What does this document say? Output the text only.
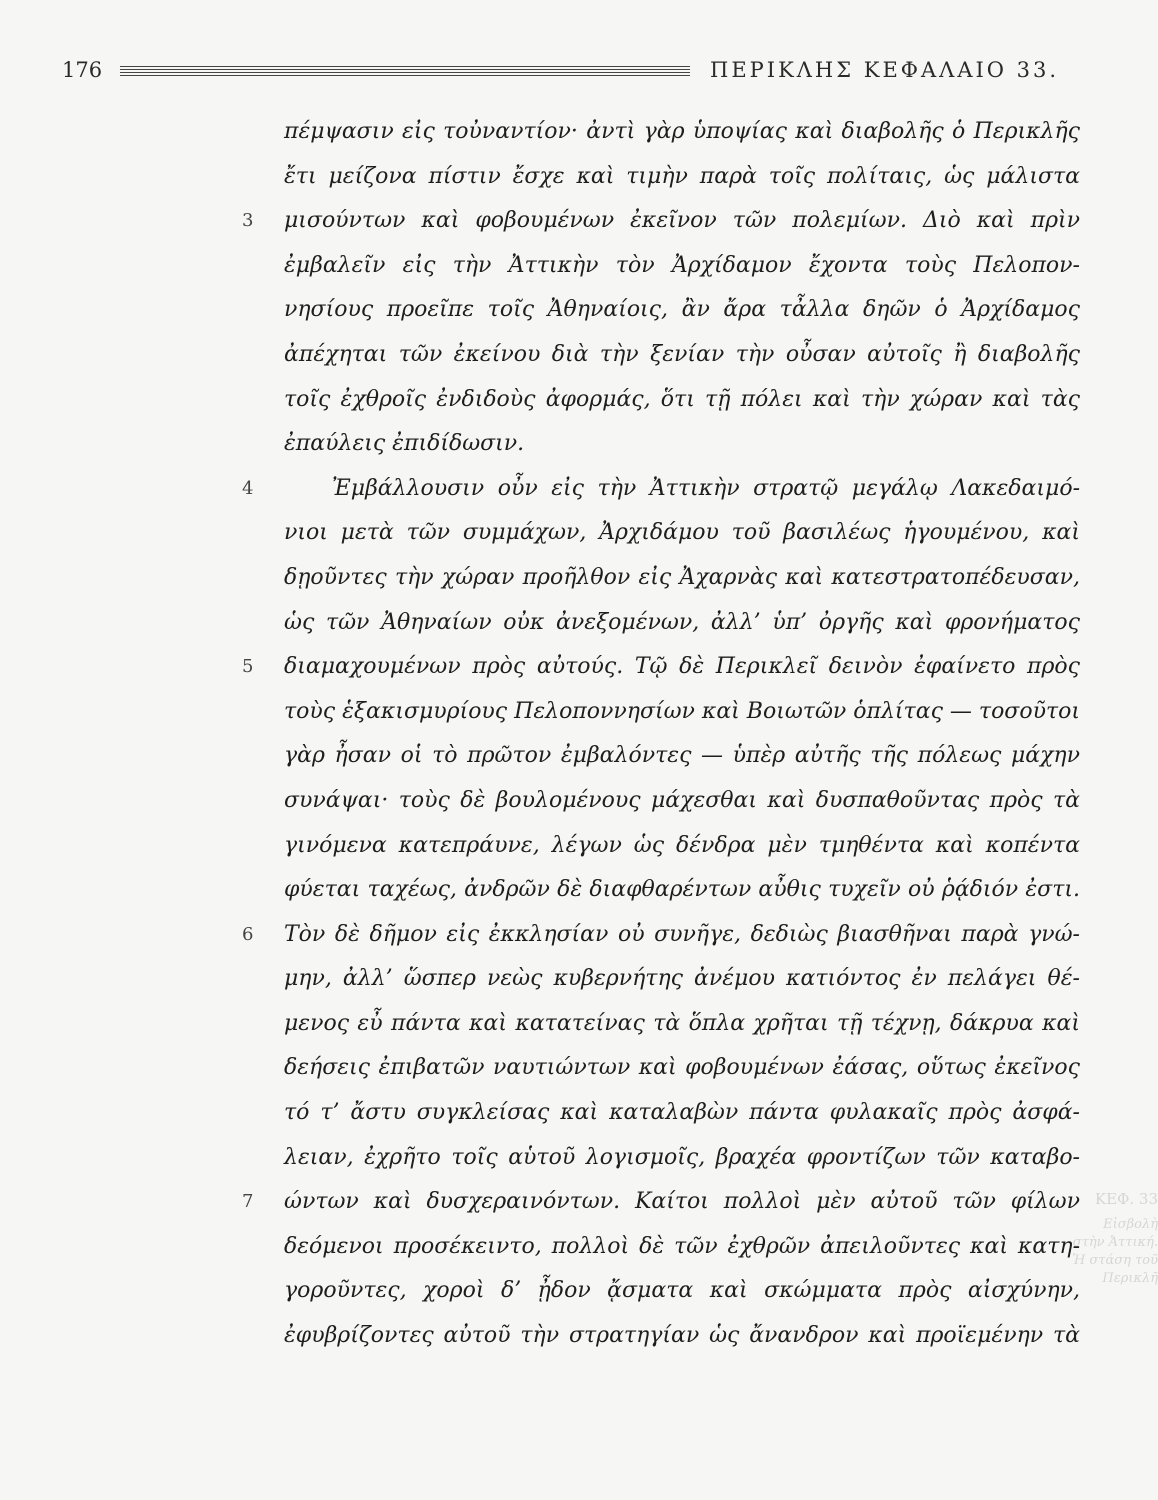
176	ΠΕΡΙΚΛΗΣ ΚΕΦΑΛΑΙΟ 33.
πέμψασιν εἰς τοὐναντίον· ἀντὶ γὰρ ὑποψίας καὶ διαβολῆς ὁ Περικλῆς
ἔτι μείζονα πίστιν ἔσχε καὶ τιμὴν παρὰ τοῖς πολίταις, ὡς μάλιστα
3	μισούντων καὶ φοβουμένων ἐκεῖνον τῶν πολεμίων. Διὸ καὶ πρὶν
ἐμβαλεῖν εἰς τὴν Ἀττικὴν τὸν Ἀρχίδαμον ἔχοντα τοὺς Πελοπον-
νησίους προεῖπε τοῖς Ἀθηναίοις, ἂν ἄρα τἆλλα δηῶν ὁ Ἀρχίδαμος
ἀπέχηται τῶν ἐκείνου διὰ τὴν ξενίαν τὴν οὖσαν αὐτοῖς ἢ διαβολῆς
τοῖς ἐχθροῖς ἐνδιδοὺς ἀφορμάς, ὅτι τῇ πόλει καὶ τὴν χώραν καὶ τὰς
ἐπαύλεις ἐπιδίδωσιν.
4	Ἐμβάλλουσιν οὖν εἰς τὴν Ἀττικὴν στρατῷ μεγάλῳ Λακεδαιμό-
νιοι μετὰ τῶν συμμάχων, Ἀρχιδάμου τοῦ βασιλέως ἡγουμένου, καὶ
δῃοῦντες τὴν χώραν προῆλθον εἰς Ἀχαρνὰς καὶ κατεστρατοπέδευσαν,
ὡς τῶν Ἀθηναίων οὐκ ἀνεξομένων, ἀλλ’ ὑπ’ ὀργῆς καὶ φρονήματος
5	διαμαχουμένων πρὸς αὐτούς. Τῷ δὲ Περικλεῖ δεινὸν ἐφαίνετο πρὸς
τοὺς ἑξακισμυρίους Πελοποννησίων καὶ Βοιωτῶν ὁπλίτας — τοσοῦτοι
γὰρ ἦσαν οἱ τὸ πρῶτον ἐμβαλόντες — ὑπὲρ αὐτῆς τῆς πόλεως μάχην
συνάψαι· τοὺς δὲ βουλομένους μάχεσθαι καὶ δυσπαθοῦντας πρὸς τὰ
γινόμενα κατεπράυνε, λέγων ὡς δένδρα μὲν τμηθέντα καὶ κοπέντα
φύεται ταχέως, ἀνδρῶν δὲ διαφθαρέντων αὖθις τυχεῖν οὐ ῥᾴδιόν ἐστι.
6	Τὸν δὲ δῆμον εἰς ἐκκλησίαν οὐ συνῆγε, δεδιὼς βιασθῆναι παρὰ γνώ-
μην, ἀλλ’ ὥσπερ νεὼς κυβερνήτης ἀνέμου κατιόντος ἐν πελάγει θέ-
μενος εὖ πάντα καὶ κατατείνας τὰ ὅπλα χρῆται τῇ τέχνῃ, δάκρυα καὶ
δεήσεις ἐπιβατῶν ναυτιώντων καὶ φοβουμένων ἐάσας, οὕτως ἐκεῖνος
τό τ’ ἄστυ συγκλείσας καὶ καταλαβὼν πάντα φυλακαῖς πρὸς ἀσφά-
λειαν, ἐχρῆτο τοῖς αὑτοῦ λογισμοῖς, βραχέα φροντίζων τῶν καταβο-
7	ώντων καὶ δυσχεραινόντων. Καίτοι πολλοὶ μὲν αὐτοῦ τῶν φίλων
δεόμενοι προσέκειντο, πολλοὶ δὲ τῶν ἐχθρῶν ἀπειλοῦντες καὶ κατη-
γοροῦντες, χοροὶ δ’ ᾖδον ᾄσματα καὶ σκώμματα πρὸς αἰσχύνην,
ἐφυβρίζοντες αὐτοῦ τὴν στρατηγίαν ὡς ἄνανδρον καὶ προϊεμένην τὰ
ΚΕΦ. 33
Εἰσβολὴ στὴν Ἀττική. Ἡ στάση τοῦ Περικλῆ
